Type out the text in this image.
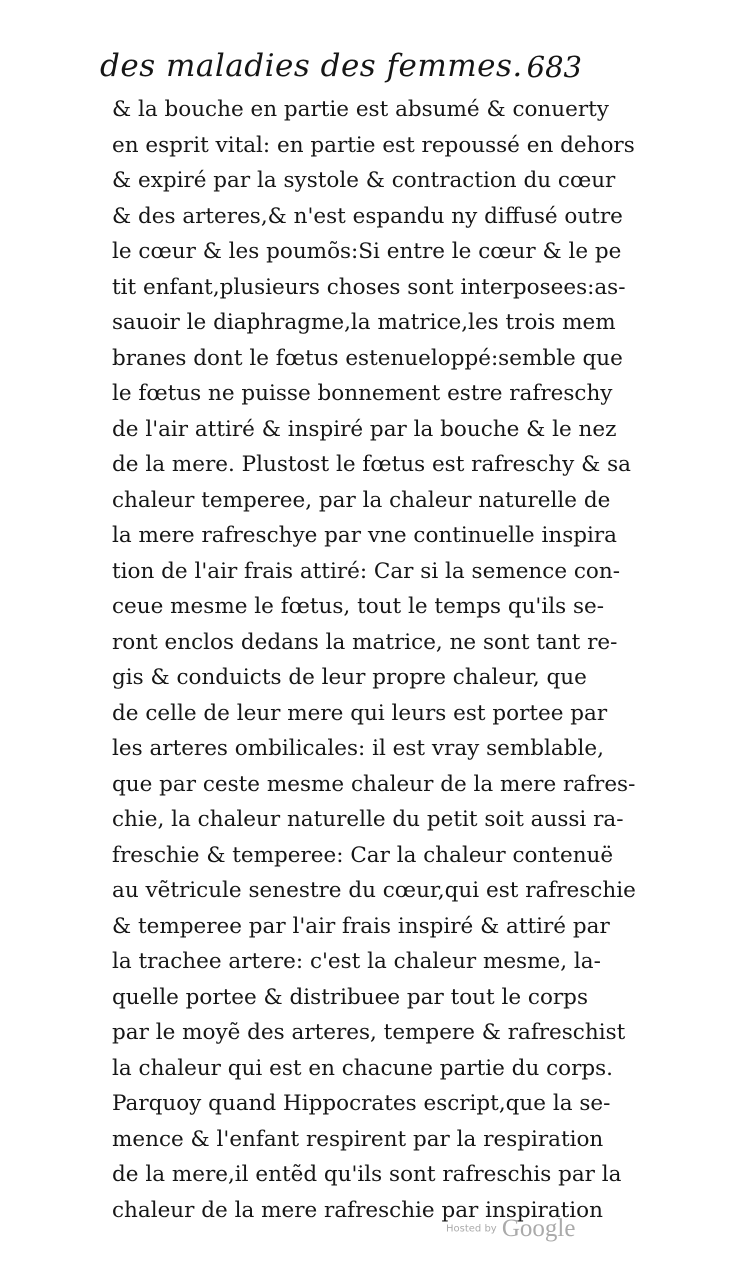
des maladies des femmes. 683
& la bouche en partie est absumé & conuerty
en esprit vital: en partie est repoussé en dehors
& expiré par la systole & contraction du cœur
& des arteres,& n'est espandu ny diffusé outre
le cœur & les poumõs:Si entre le cœur & le pe
tit enfant,plusieurs choses sont interposees:as-
sauoir le diaphragme,la matrice,les trois mem
branes dont le fœtus estenueloppé:semble que
le fœtus ne puisse bonnement estre rafreschy
de l'air attiré & inspiré par la bouche & le nez
de la mere. Plustost le fœtus est rafreschy & sa
chaleur temperee, par la chaleur naturelle de
la mere rafreschye par vne continuelle inspira
tion de l'air frais attiré: Car si la semence con-
ceue mesme le fœtus, tout le temps qu'ils se-
ront enclos dedans la matrice, ne sont tant re-
gis & conduicts de leur propre chaleur, que
de celle de leur mere qui leurs est portee par
les arteres ombilicales: il est vray semblable,
que par ceste mesme chaleur de la mere rafres-
chie, la chaleur naturelle du petit soit aussi ra-
freschie & temperee: Car la chaleur contenuë
au vẽtricule senestre du cœur,qui est rafreschie
& temperee par l'air frais inspiré & attiré par
la trachee artere: c'est la chaleur mesme, la-
quelle portee & distribuee par tout le corps
par le moyẽ des arteres, tempere & rafreschist
la chaleur qui est en chacune partie du corps.
Parquoy quand Hippocrates escript,que la se-
mence & l'enfant respirent par la respiration
de la mere,il entẽd qu'ils sont rafreschis par la
chaleur de la mere rafreschie par inspiration
Hosted by Google
